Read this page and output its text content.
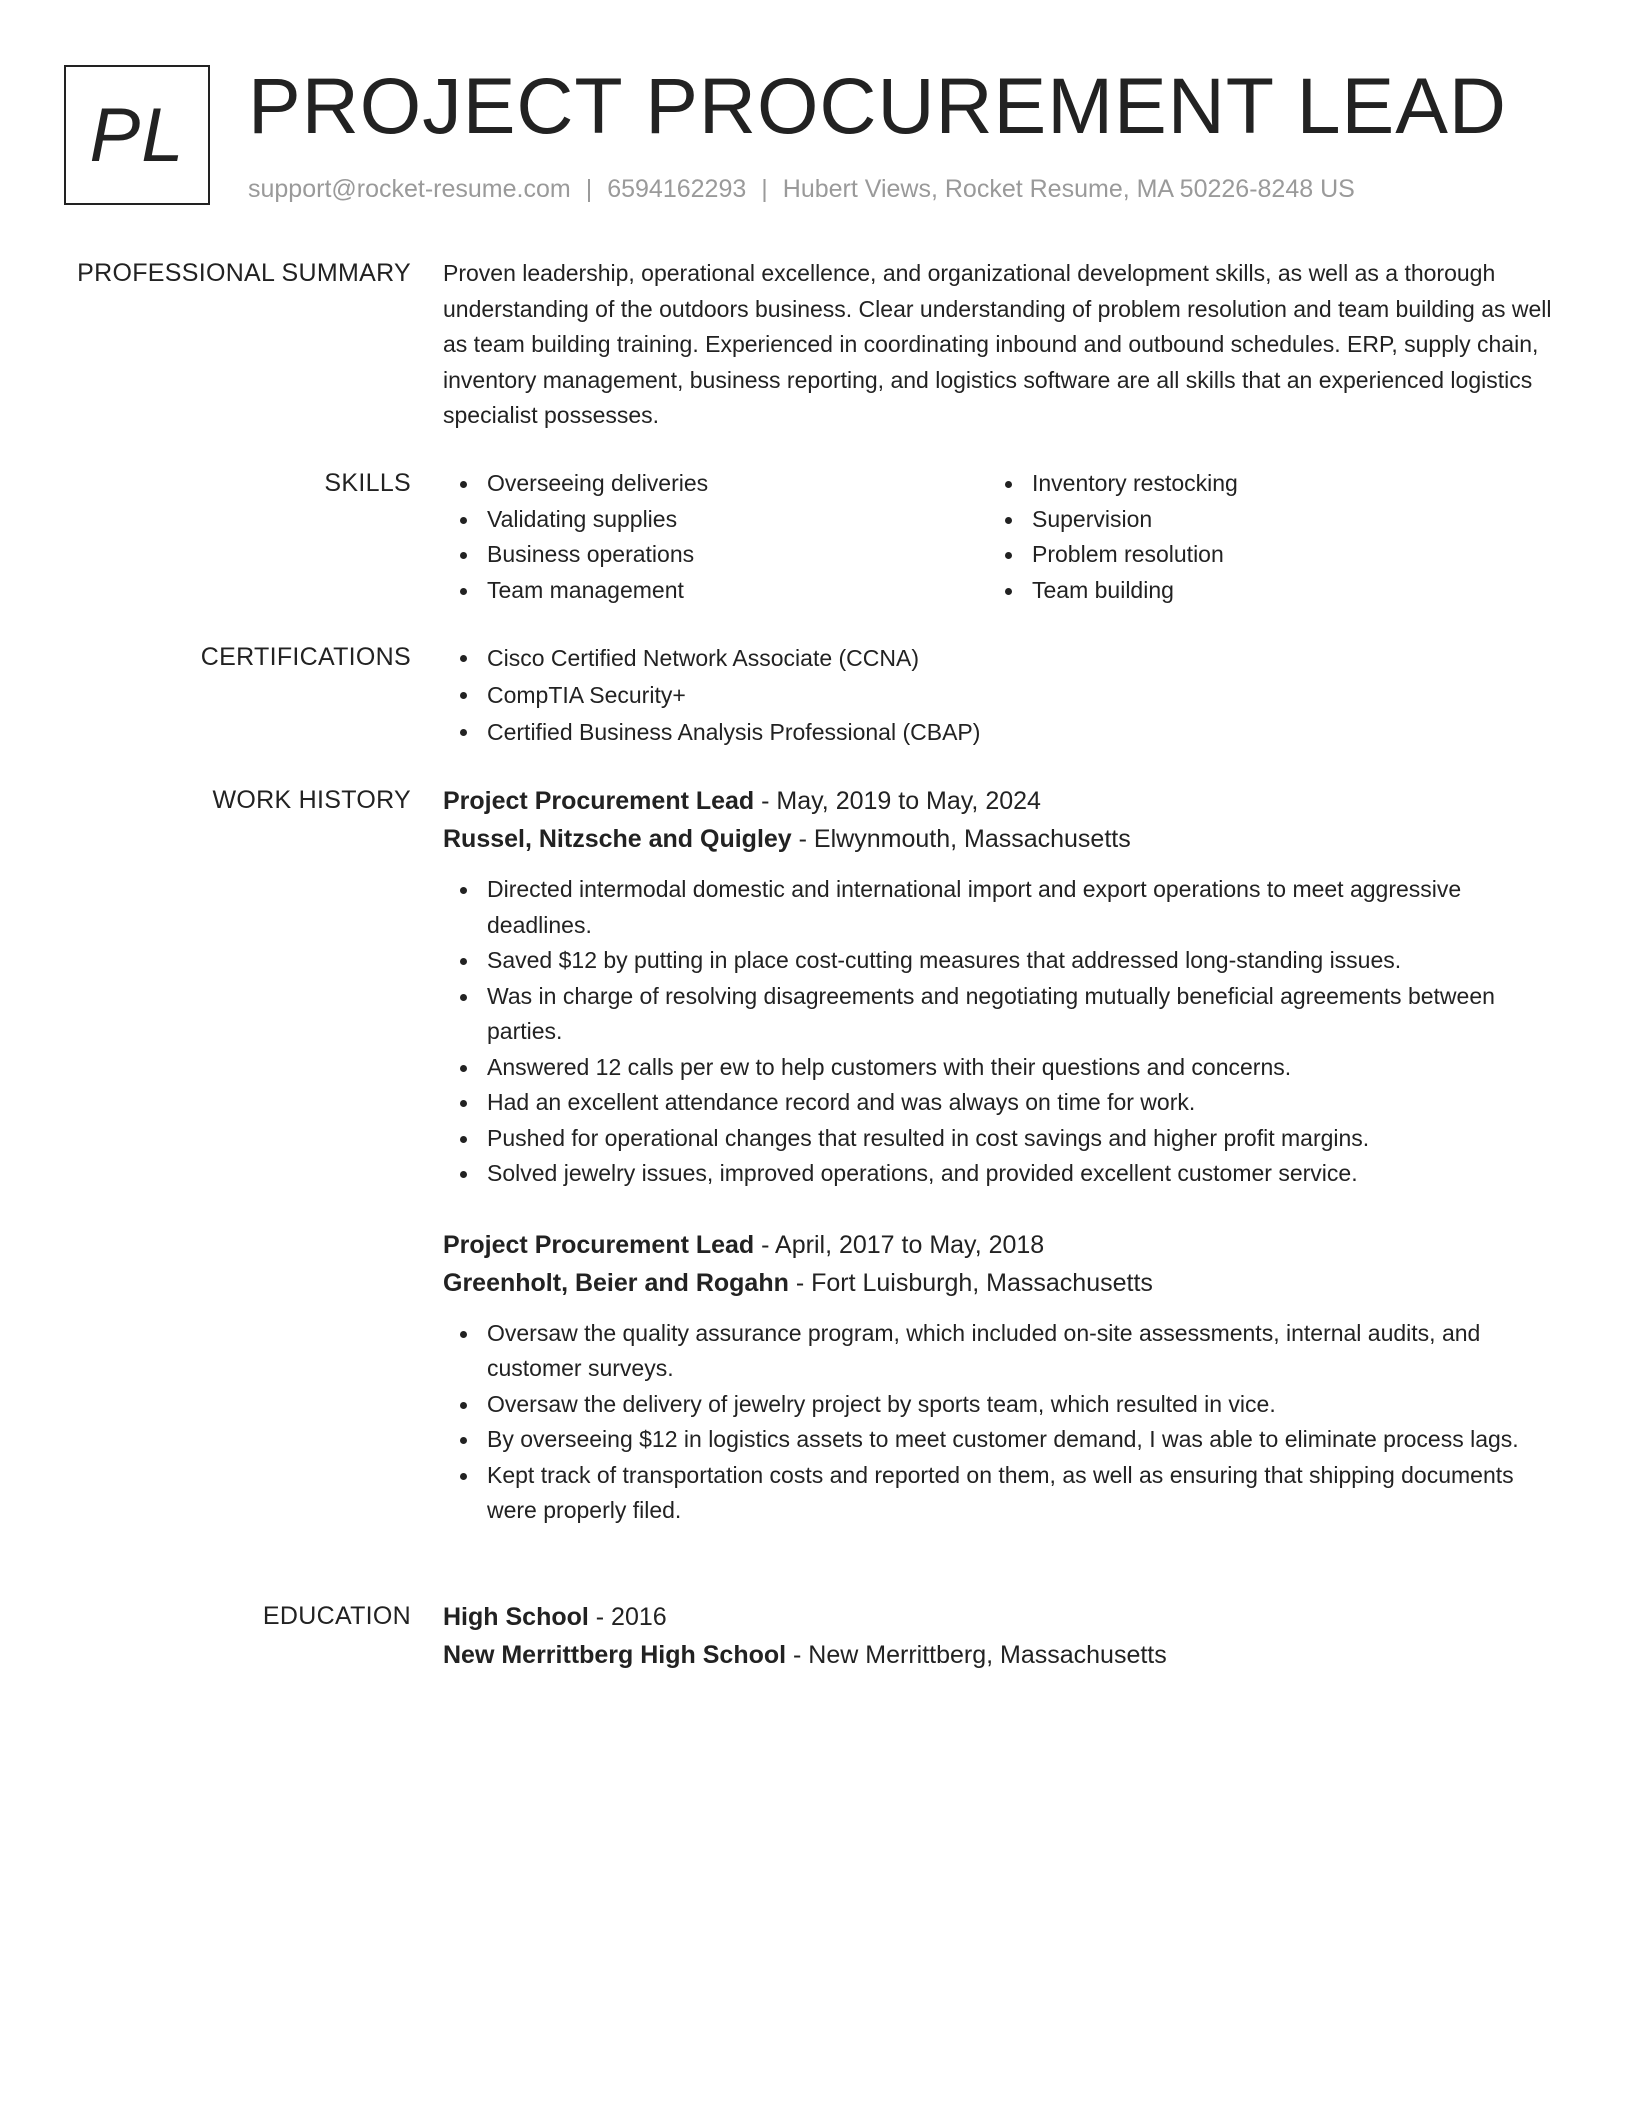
PL PROJECT PROCUREMENT LEAD
support@rocket-resume.com | 6594162293 | Hubert Views, Rocket Resume, MA 50226-8248 US
PROFESSIONAL SUMMARY Proven leadership, operational excellence, and organizational development skills, as well as a thorough understanding of the outdoors business. Clear understanding of problem resolution and team building as well as team building training. Experienced in coordinating inbound and outbound schedules. ERP, supply chain, inventory management, business reporting, and logistics software are all skills that an experienced logistics specialist possesses.
SKILLS	Overseeing deliveries
Validating supplies
Business operations
Team management
Inventory restocking
Supervision
Problem resolution
Team building
CERTIFICATIONS	Cisco Certified Network Associate (CCNA)
CompTIA Security+
Certified Business Analysis Professional (CBAP)
WORK HISTORY Project Procurement Lead - May, 2019 to May, 2024
Russel, Nitzsche and Quigley - Elwynmouth, Massachusetts
Directed intermodal domestic and international import and export operations to meet aggressive deadlines.
Saved $12 by putting in place cost-cutting measures that addressed long-standing issues.
Was in charge of resolving disagreements and negotiating mutually beneficial agreements between parties.
Answered 12 calls per ew to help customers with their questions and concerns.
Had an excellent attendance record and was always on time for work.
Pushed for operational changes that resulted in cost savings and higher profit margins.
Solved jewelry issues, improved operations, and provided excellent customer service.
Project Procurement Lead - April, 2017 to May, 2018
Greenholt, Beier and Rogahn - Fort Luisburgh, Massachusetts
Oversaw the quality assurance program, which included on-site assessments, internal audits, and customer surveys.
Oversaw the delivery of jewelry project by sports team, which resulted in vice.
By overseeing $12 in logistics assets to meet customer demand, I was able to eliminate process lags.
Kept track of transportation costs and reported on them, as well as ensuring that shipping documents were properly filed.
EDUCATION High School - 2016
New Merrittberg High School - New Merrittberg, Massachusetts
